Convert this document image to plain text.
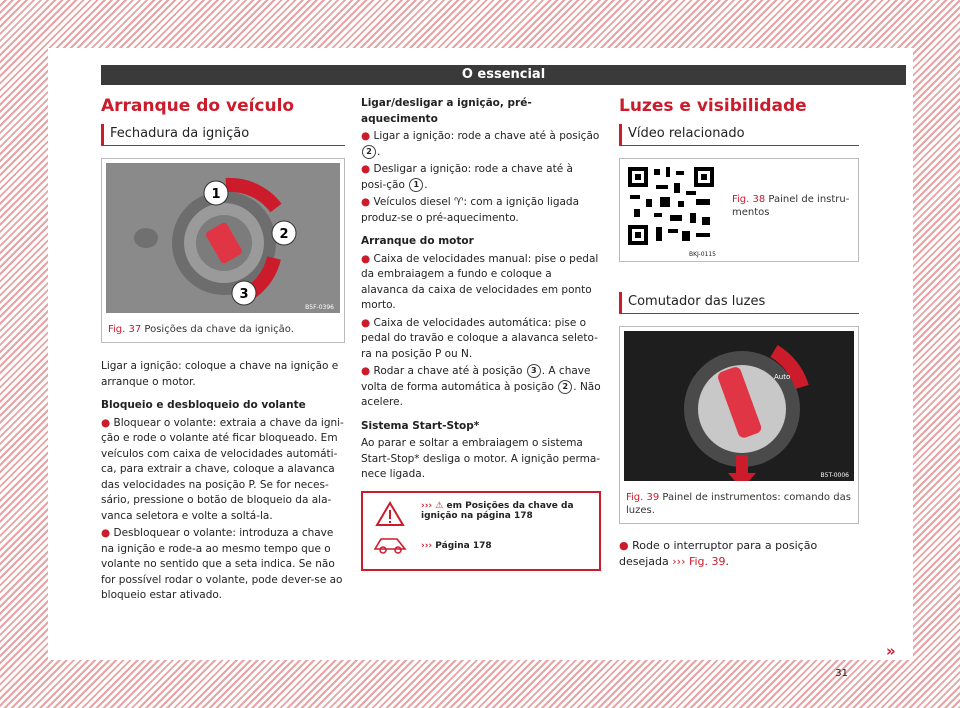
O essencial
Arranque do veículo
Fechadura da ignição
1
2
3
B5F-0396
Fig. 37 Posições da chave da ignição.

Ligar a ignição: coloque a chave na ignição e arranque o motor.

Bloqueio e desbloqueio do volante

● Bloquear o volante: extraia a chave da igni-ção e rode o volante até ficar bloqueado. Em veículos com caixa de velocidades automáti-ca, para extrair a chave, coloque a alavanca das velocidades na posição P. Se for neces-sário, pressione o botão de bloqueio da ala-vanca seletora e volte a soltá-la.
● Desbloquear o volante: introduza a chave na ignição e rode-a ao mesmo tempo que o volante no sentido que a seta indica. Se não for possível rodar o volante, pode dever-se ao bloqueio estar ativado.

Ligar/desligar a ignição, pré-aquecimento

● Ligar a ignição: rode a chave até à posição 2 .
● Desligar a ignição: rode a chave até à posi-ção 1 .
● Veículos diesel ♈: com a ignição ligada produz-se o pré-aquecimento.

Arranque do motor

● Caixa de velocidades manual: pise o pedal da embraiagem a fundo e coloque a alavanca da caixa de velocidades em ponto morto.
● Caixa de velocidades automática: pise o pedal do travão e coloque a alavanca seleto-ra na posição P ou N.
● Rodar a chave até à posição 3 . A chave volta de forma automática à posição 2 . Não acelere.

Sistema Start-Stop*

Ao parar e soltar a embraiagem o sistema Start-Stop* desliga o motor. A ignição perma-nece ligada.

››› ⚠ em Posições da chave da ignição na página 178
››› Página 178
Luzes e visibilidade
Vídeo relacionado
BKJ-0115
Fig. 38 Painel de instru-mentos
Comutador das luzes
Auto
B5T-0006
Fig. 39 Painel de instrumentos: comando das luzes.
● Rode o interruptor para a posição desejada ››› Fig. 39.
»
31
